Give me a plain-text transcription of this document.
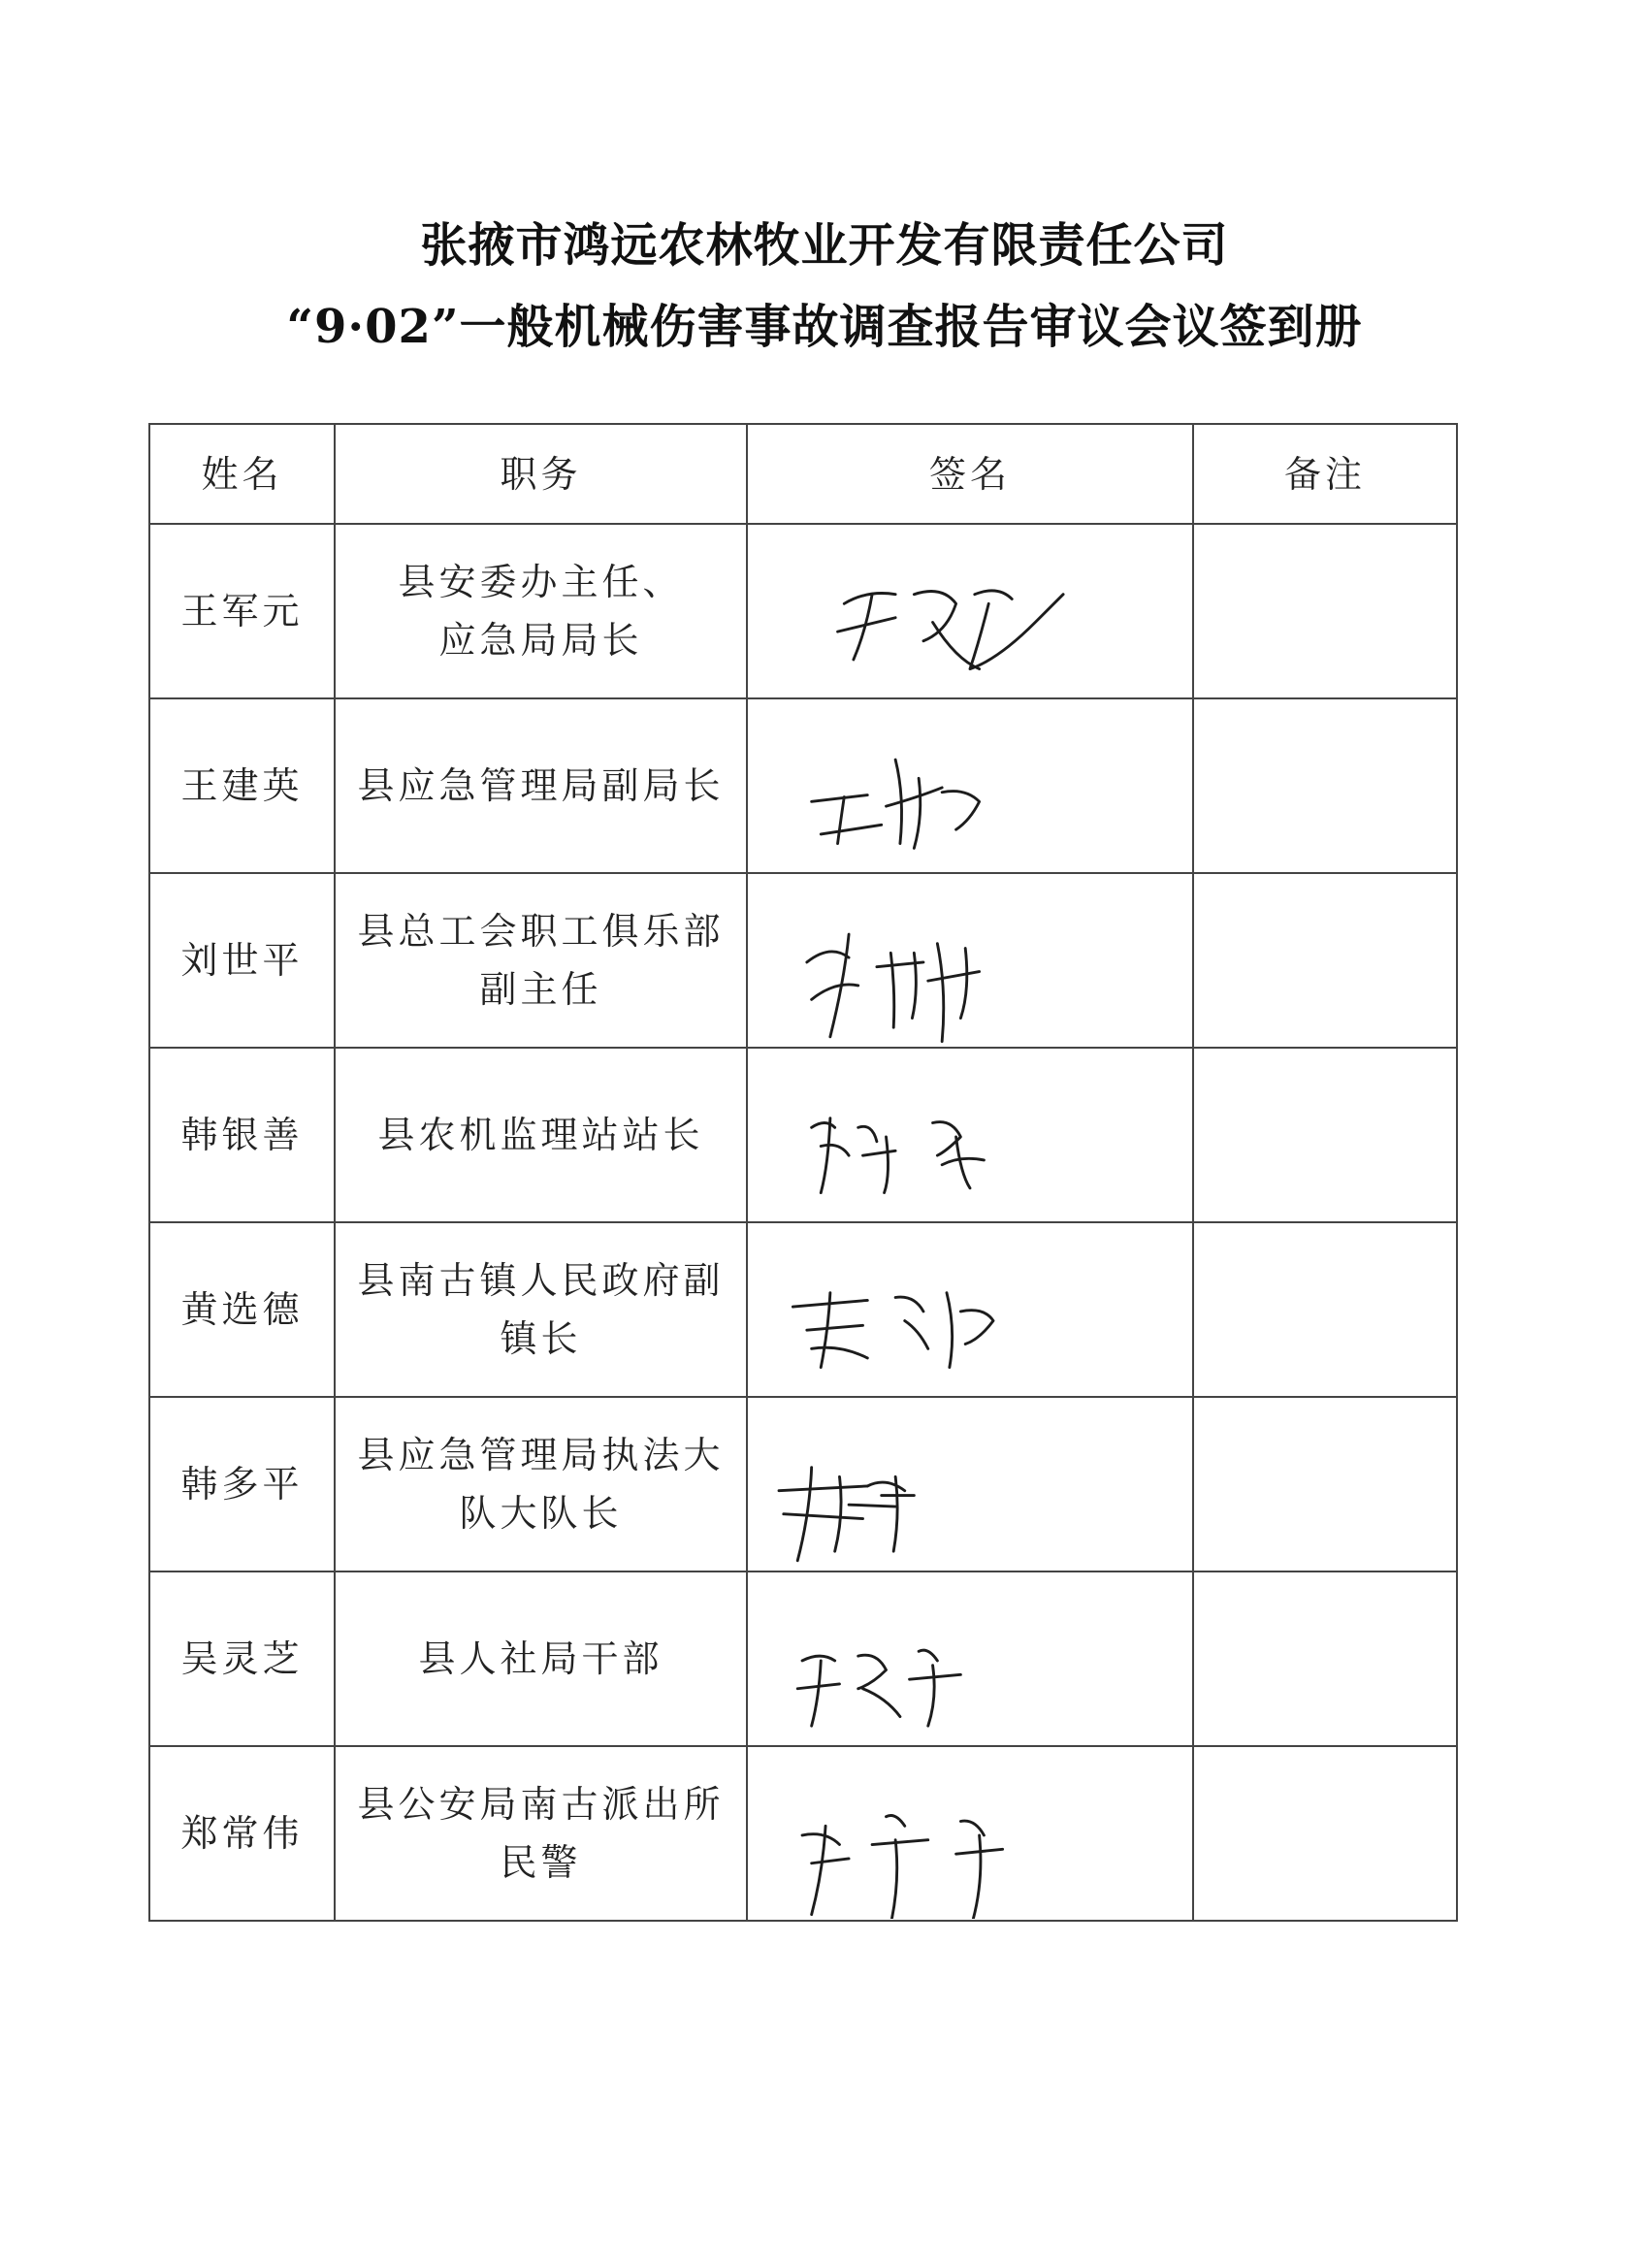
张掖市鸿远农林牧业开发有限责任公司
“9·02”一般机械伤害事故调查报告审议会议签到册
姓名	职务	签名	备注
王军元	县安委办主任、
应急局局长	

王建英	县应急管理局副局长	

刘世平	县总工会职工俱乐部
副主任	

韩银善	县农机监理站站长	

黄选德	县南古镇人民政府副
镇长	

韩多平	县应急管理局执法大
队大队长	

吴灵芝	县人社局干部	

郑常伟	县公安局南古派出所
民警	
